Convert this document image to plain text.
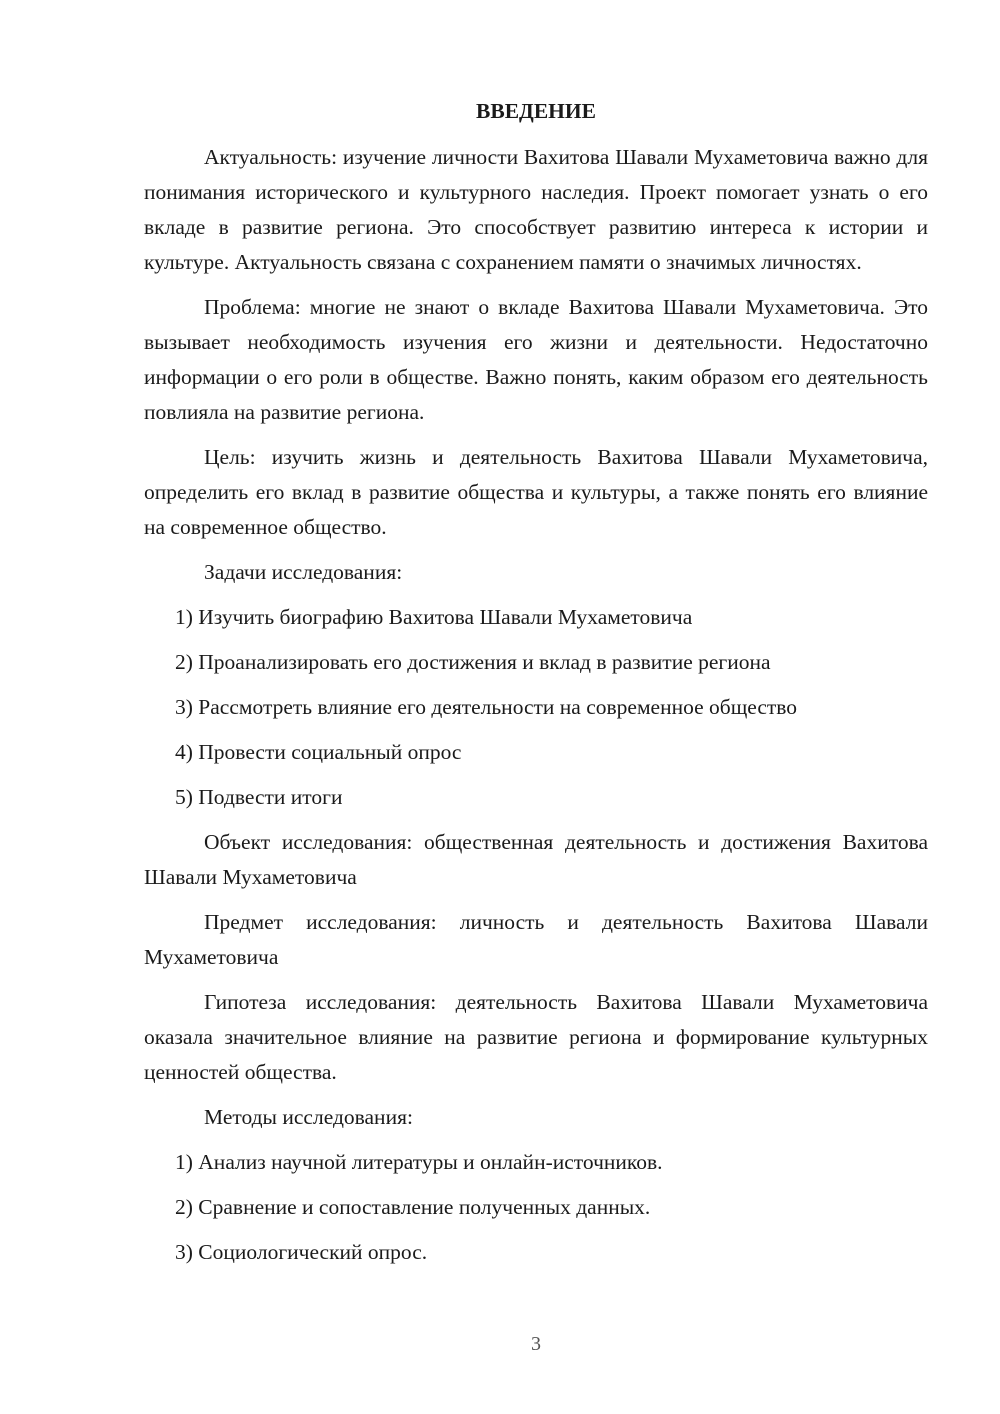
ВВЕДЕНИЕ
Актуальность: изучение личности Вахитова Шавали Мухаметовича важно для понимания исторического и культурного наследия. Проект помогает узнать о его вкладе в развитие региона. Это способствует развитию интереса к истории и культуре. Актуальность связана с сохранением памяти о значимых личностях.
Проблема: многие не знают о вкладе Вахитова Шавали Мухаметовича. Это вызывает необходимость изучения его жизни и деятельности. Недостаточно информации о его роли в обществе. Важно понять, каким образом его деятельность повлияла на развитие региона.
Цель: изучить жизнь и деятельность Вахитова Шавали Мухаметовича, определить его вклад в развитие общества и культуры, а также понять его влияние на современное общество.
Задачи исследования:
1) Изучить биографию Вахитова Шавали Мухаметовича
2) Проанализировать его достижения и вклад в развитие региона
3) Рассмотреть влияние его деятельности на современное общество
4) Провести социальный опрос
5) Подвести итоги
Объект исследования: общественная деятельность и достижения Вахитова Шавали Мухаметовича
Предмет исследования: личность и деятельность Вахитова Шавали Мухаметовича
Гипотеза исследования: деятельность Вахитова Шавали Мухаметовича оказала значительное влияние на развитие региона и формирование культурных ценностей общества.
Методы исследования:
1) Анализ научной литературы и онлайн-источников.
2) Сравнение и сопоставление полученных данных.
3) Социологический опрос.
3
